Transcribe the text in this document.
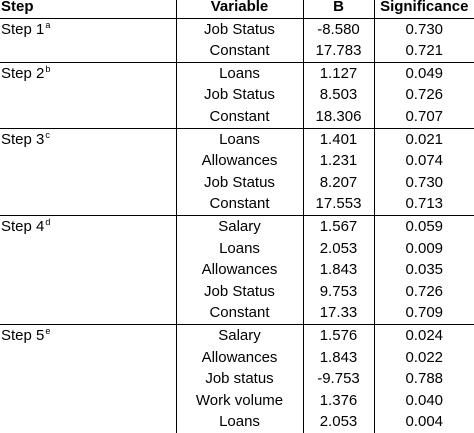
Step	Variable	B	Significance
Step 1$^a$	Job Status	-8.580	0.730
	Constant	17.783	0.721
Step 2$^b$	Loans	1.127	0.049
	Job Status	8.503	0.726
	Constant	18.306	0.707
Step 3$^c$	Loans	1.401	0.021
	Allowances	1.231	0.074
	Job Status	8.207	0.730
	Constant	17.553	0.713
Step 4$^d$	Salary	1.567	0.059
	Loans	2.053	0.009
	Allowances	1.843	0.035
	Job Status	9.753	0.726
	Constant	17.33	0.709
Step 5e	Salary	1.576	0.024
	Allowances	1.843	0.022
	Job status	-9.753	0.788
	Work volume	1.376	0.040
	Loans	2.053	0.004
